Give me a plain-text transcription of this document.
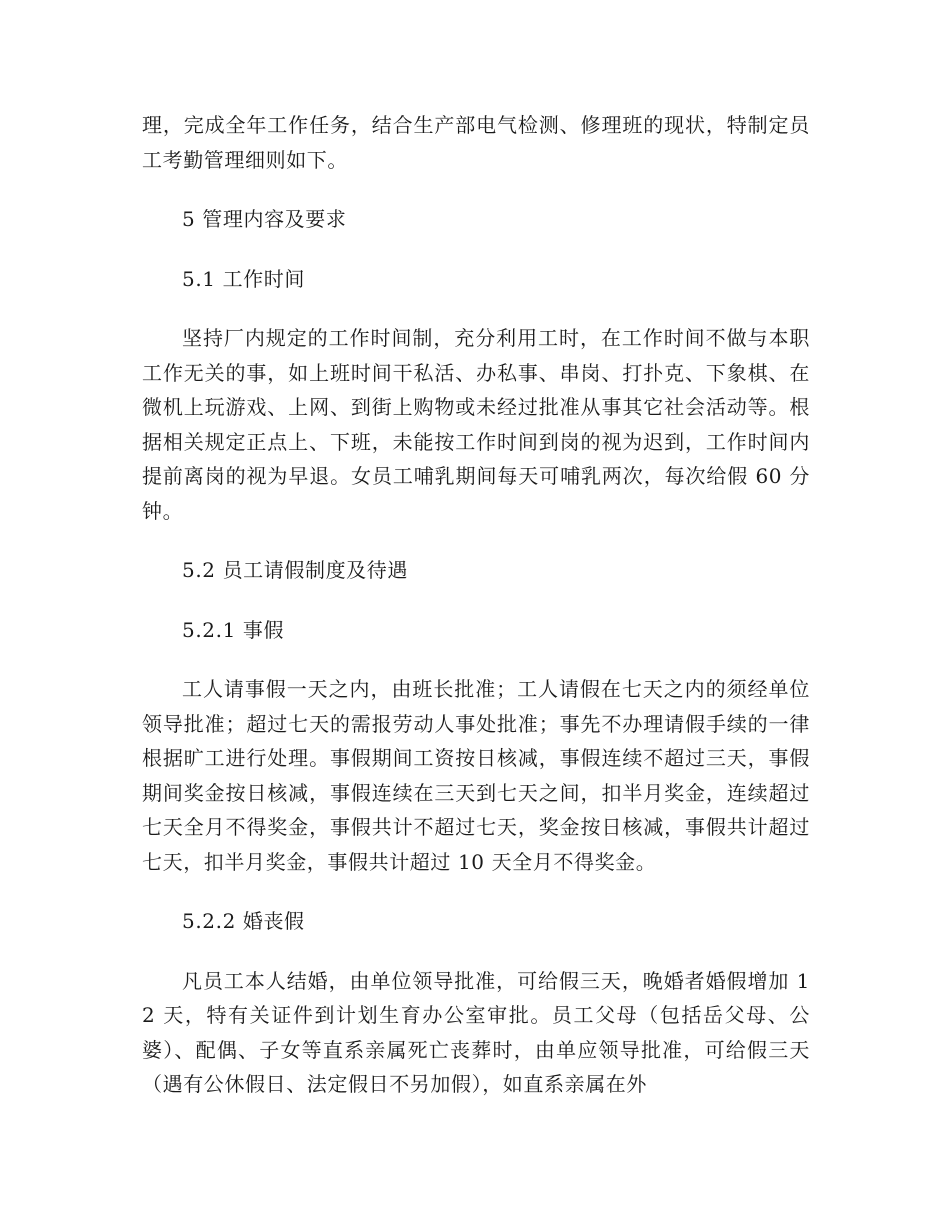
理，完成全年工作任务，结合生产部电气检测、修理班的现状，特制定员工考勤管理细则如下。

5 管理内容及要求

5.1 工作时间

坚持厂内规定的工作时间制，充分利用工时，在工作时间不做与本职工作无关的事，如上班时间干私活、办私事、串岗、打扑克、下象棋、在微机上玩游戏、上网、到街上购物或未经过批准从事其它社会活动等。根据相关规定正点上、下班，未能按工作时间到岗的视为迟到，工作时间内提前离岗的视为早退。女员工哺乳期间每天可哺乳两次，每次给假 60 分钟。

5.2 员工请假制度及待遇

5.2.1 事假

工人请事假一天之内，由班长批准；工人请假在七天之内的须经单位领导批准；超过七天的需报劳动人事处批准；事先不办理请假手续的一律根据旷工进行处理。事假期间工资按日核减，事假连续不超过三天，事假期间奖金按日核减，事假连续在三天到七天之间，扣半月奖金，连续超过七天全月不得奖金，事假共计不超过七天，奖金按日核减，事假共计超过七天，扣半月奖金，事假共计超过 10 天全月不得奖金。

5.2.2 婚丧假

凡员工本人结婚，由单位领导批准，可给假三天，晚婚者婚假增加 12 天，特有关证件到计划生育办公室审批。员工父母（包括岳父母、公婆）、配偶、子女等直系亲属死亡丧葬时，由单应领导批准，可给假三天（遇有公休假日、法定假日不另加假），如直系亲属在外
